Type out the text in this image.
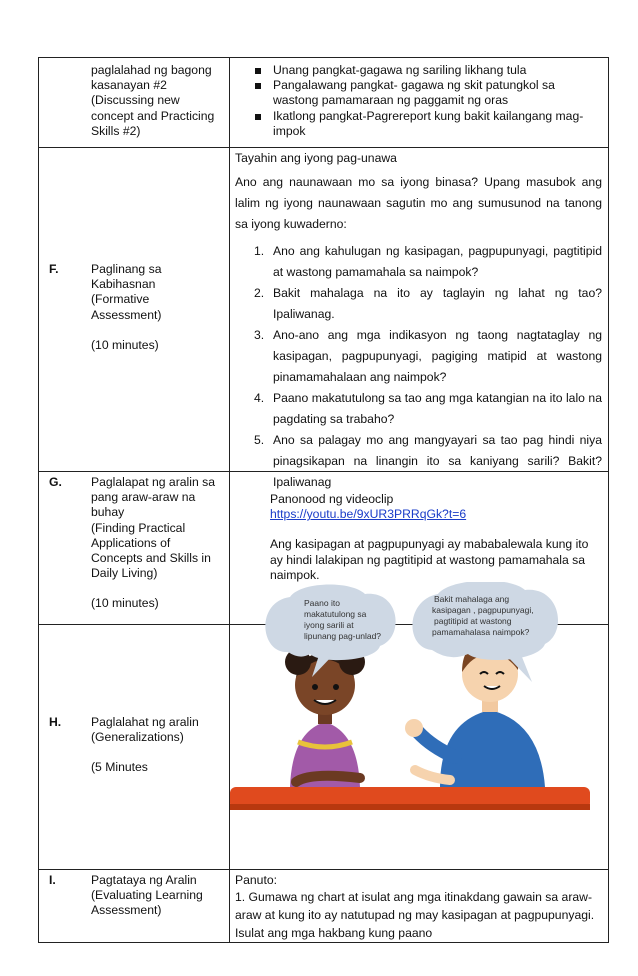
paglalahad ng bagong
kasanayan #2
(Discussing new
concept and Practicing
Skills #2)
Unang pangkat-gagawa ng sariling likhang tula
Pangalawang pangkat- gagawa ng skit patungkol sa
wastong pamamaraan ng paggamit ng oras
Ikatlong pangkat-Pagrereport kung bakit kailangang mag-
impok
F.	Paglinang sa
Kabihasnan
(Formative
Assessment)
(10 minutes)
Tayahin ang iyong pag-unawa
Ano ang naunawaan mo sa iyong binasa? Upang masubok ang lalim ng iyong naunawaan sagutin mo ang sumusunod na tanong sa iyong kuwaderno:
1. Ano ang kahulugan ng kasipagan, pagpupunyagi, pagtitipid at wastong pamamahala sa naimpok?
2. Bakit mahalaga na ito ay taglayin ng lahat ng tao? Ipaliwanag.
3. Ano-ano ang mga indikasyon ng taong nagtataglay ng kasipagan, pagpupunyagi, pagiging matipid at wastong pinamamahalaan ang naimpok?
4. Paano makatutulong sa tao ang mga katangian na ito lalo na pagdating sa trabaho?
5. Ano sa palagay mo ang mangyayari sa tao pag hindi niya pinagsikapan na linangin ito sa kaniyang sarili? Bakit? Ipaliwanag
G. Paglalapat ng aralin sa
pang araw-araw na
buhay
(Finding Practical
Applications of
Concepts and Skills in
Daily Living)
(10 minutes)
Panonood ng videoclip
https://youtu.be/9xUR3PRRqGk?t=6
Ang kasipagan at pagpupunyagi ay mababalewala kung ito
ay hindi lalakipan ng pagtitipid at wastong pamamahala sa
naimpok.
H. Paglalahat ng aralin
(Generalizations)
(5 Minutes
I.	Pagtataya ng Aralin
(Evaluating Learning
Assessment)
Panuto:
1. Gumawa ng chart at isulat ang mga itinakdang gawain sa araw-
araw at kung ito ay natutupad ng may kasipagan at pagpupunyagi.
Isulat ang mga hakbang kung paano
Paano ito makatutulong sa iyong sarili at lipunang pag-unlad?
Bakit mahalaga ang kasipagan , pagpupunyagi, pagtitipid at wastong pamamahalasa naimpok?
